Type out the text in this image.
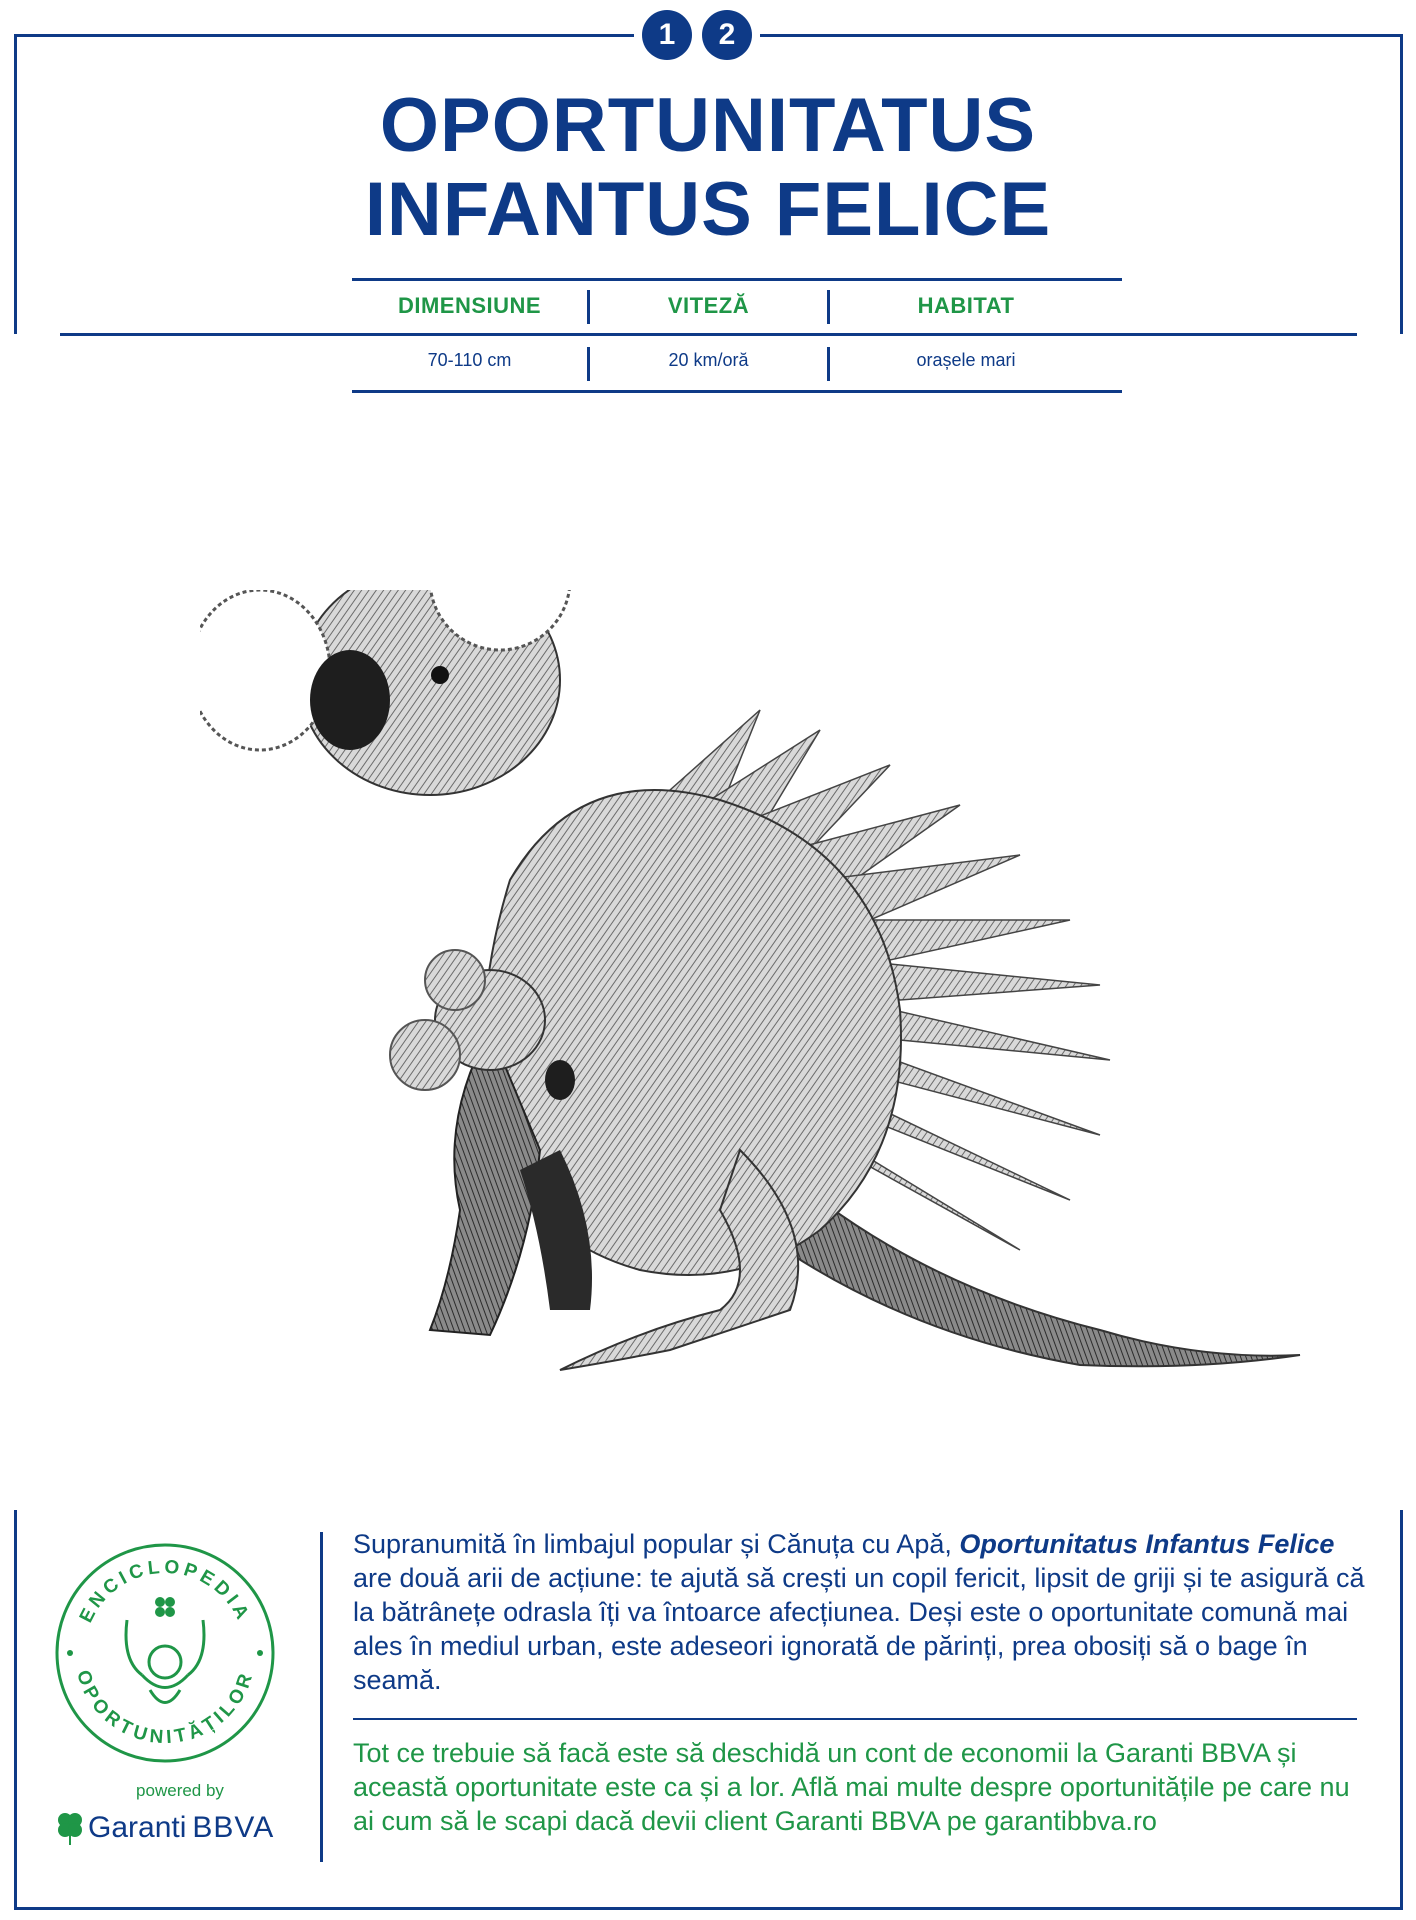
1	2
OPORTUNITATUS
INFANTUS FELICE
DIMENSIUNE	VITEZĂ	HABITAT
70-110 cm	20 km/oră	orașele mari
ENCICLOPEDIA
OPORTUNITĂȚILOR
powered by
Garanti BBVA
Supranumită în limbajul popular și Cănuța cu Apă, Oportunitatus Infantus Felice are două arii de acțiune: te ajută să crești un copil fericit, lipsit de griji și te asigură că la bătrânețe odrasla îți va întoarce afecțiunea. Deși este o oportunitate comună mai ales în mediul urban, este adeseori ignorată de părinți, prea obosiți să o bage în seamă.
Tot ce trebuie să facă este să deschidă un cont de economii la Garanti BBVA și această oportunitate este ca și a lor. Află mai multe despre oportunitățile pe care nu ai cum să le scapi dacă devii client Garanti BBVA pe garantibbva.ro
